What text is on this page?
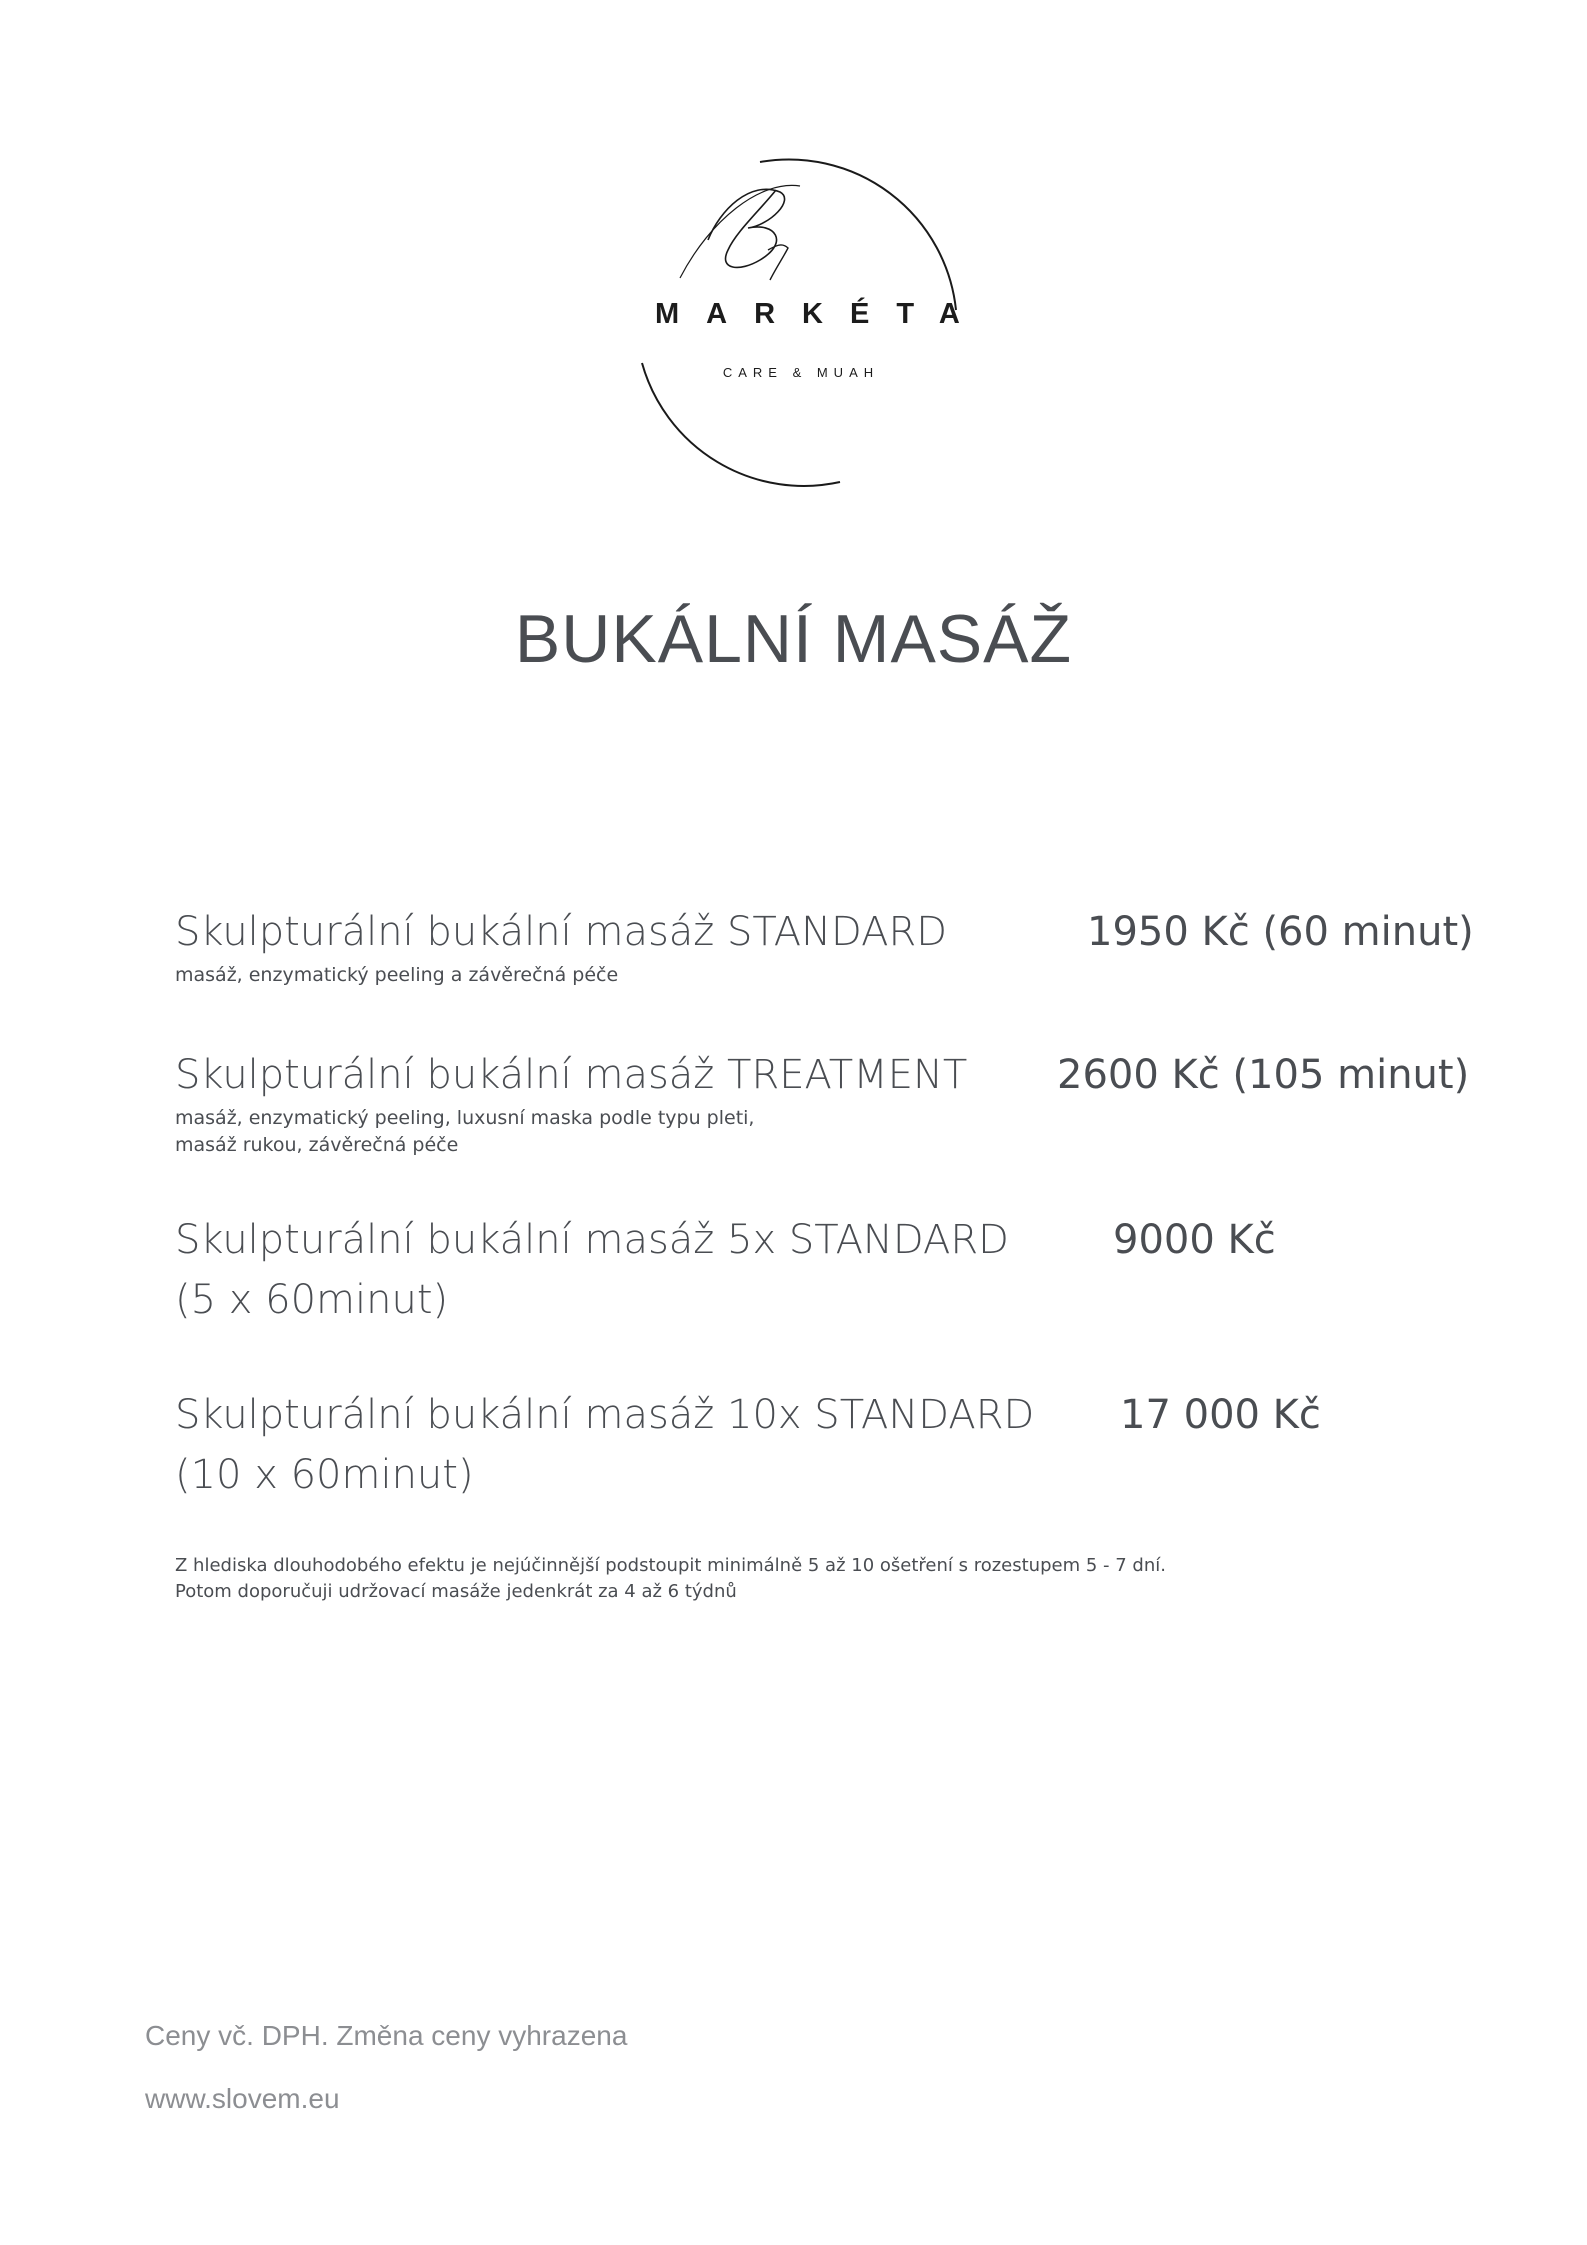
MARKÉTA
CARE & MUAH
BUKÁLNÍ MASÁŽ
Skulpturální bukální masáž STANDARD	1950 Kč (60 minut)
masáž, enzymatický peeling a závěrečná péče
Skulpturální bukální masáž TREATMENT	2600 Kč (105 minut)
masáž, enzymatický peeling, luxusní maska podle typu pleti,
masáž rukou, závěrečná péče
Skulpturální bukální masáž 5x STANDARD	9000 Kč
(5 x 60minut)
Skulpturální bukální masáž 10x STANDARD	17 000 Kč
(10 x 60minut)
Z hlediska dlouhodobého efektu je nejúčinnější podstoupit minimálně 5 až 10 ošetření s rozestupem 5 - 7 dní.
Potom doporučuji udržovací masáže jedenkrát za 4 až 6 týdnů
Ceny vč. DPH. Změna ceny vyhrazena
www.slovem.eu
